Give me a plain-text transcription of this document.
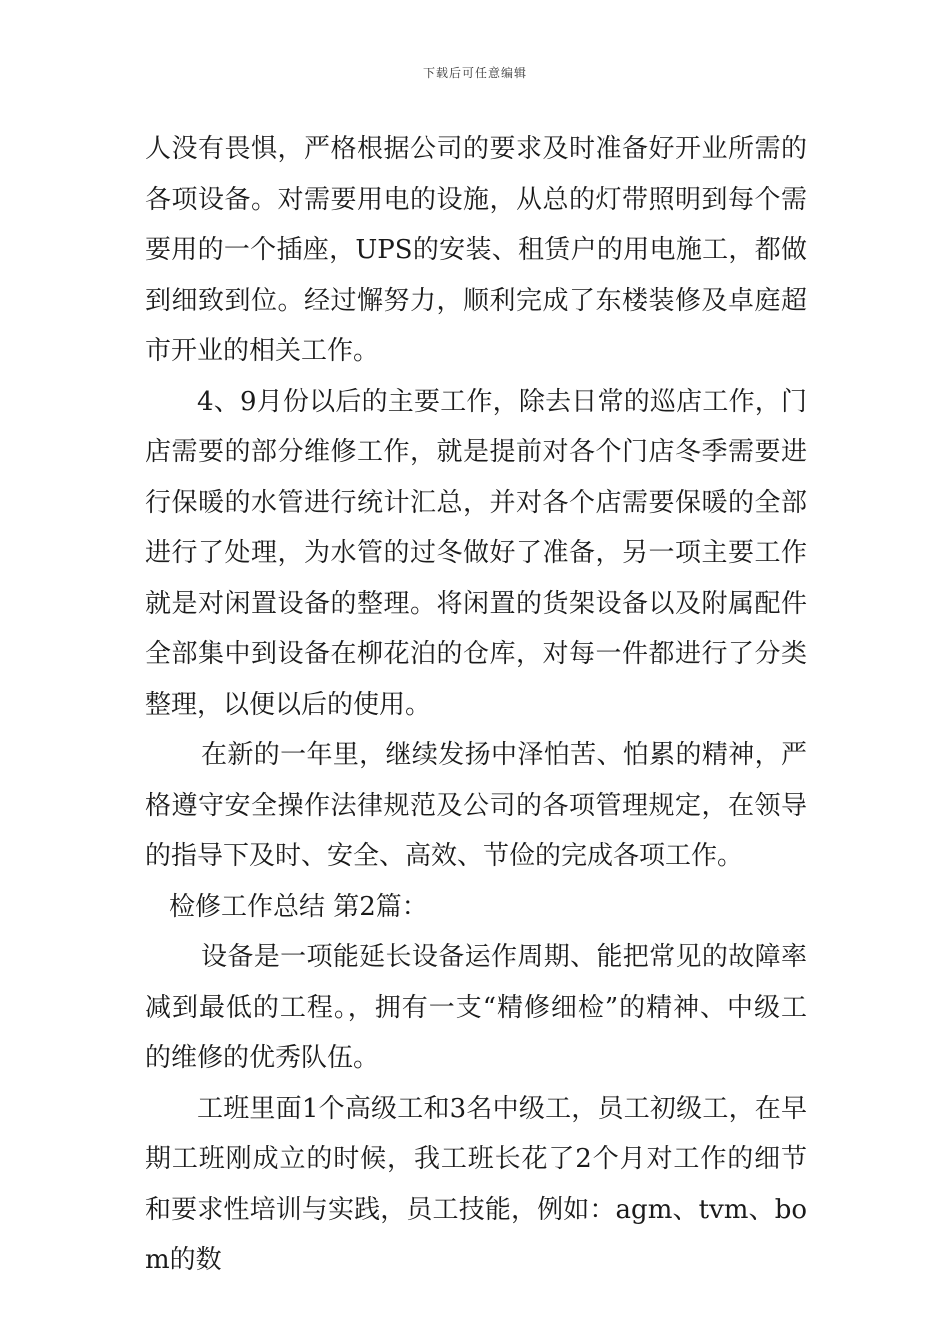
下载后可任意编辑

人没有畏惧，严格根据公司的要求及时准备好开业所需的各项设备。对需要用电的设施，从总的灯带照明到每个需要用的一个插座，UPS的安装、租赁户的用电施工，都做到细致到位。经过懈努力，顺利完成了东楼装修及卓庭超市开业的相关工作。

4、9月份以后的主要工作，除去日常的巡店工作，门店需要的部分维修工作，就是提前对各个门店冬季需要进行保暖的水管进行统计汇总，并对各个店需要保暖的全部进行了处理，为水管的过冬做好了准备，另一项主要工作就是对闲置设备的整理。将闲置的货架设备以及附属配件全部集中到设备在柳花泊的仓库，对每一件都进行了分类整理，以便以后的使用。

在新的一年里，继续发扬中泽怕苦、怕累的精神，严格遵守安全操作法律规范及公司的各项管理规定，在领导的指导下及时、安全、高效、节俭的完成各项工作。

检修工作总结 第2篇：

设备是一项能延长设备运作周期、能把常见的故障率减到最低的工程。，拥有一支“精修细检”的精神、中级工的维修的优秀队伍。

工班里面1个高级工和3名中级工，员工初级工，在早期工班刚成立的时候，我工班长花了2个月对工作的细节和要求性培训与实践，员工技能，例如：agm、tvm、bom的数
